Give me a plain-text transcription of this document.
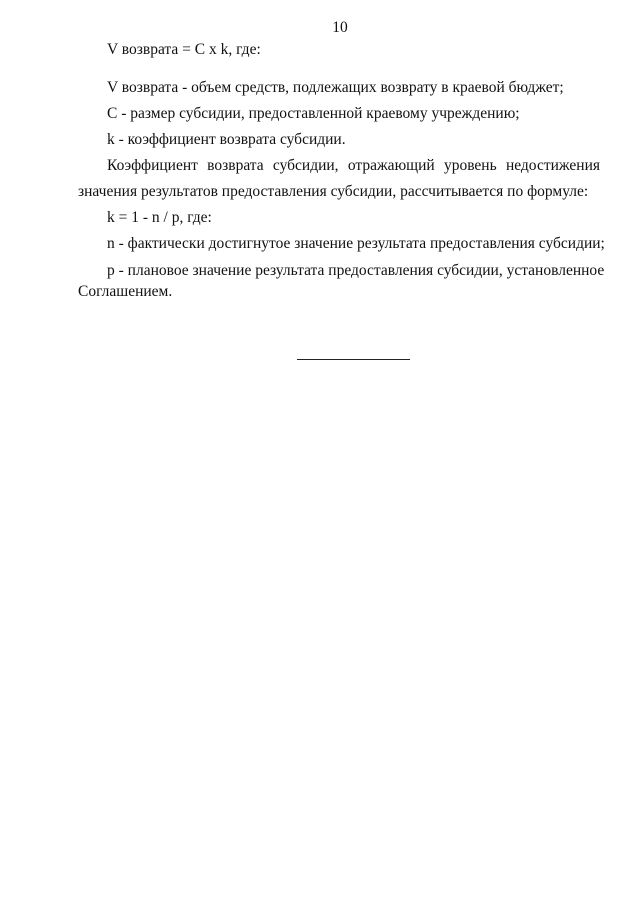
10
V возврата = C x k, где:
V возврата - объем средств, подлежащих возврату в краевой бюджет;
C - размер субсидии, предоставленной краевому учреждению;
k - коэффициент возврата субсидии.
Коэффициент возврата субсидии, отражающий уровень недостижения
значения результатов предоставления субсидии, рассчитывается по формуле:
k = 1 - n / p, где:
n - фактически достигнутое значение результата предоставления субсидии;
p - плановое значение результата предоставления субсидии, установленное
Соглашением.
